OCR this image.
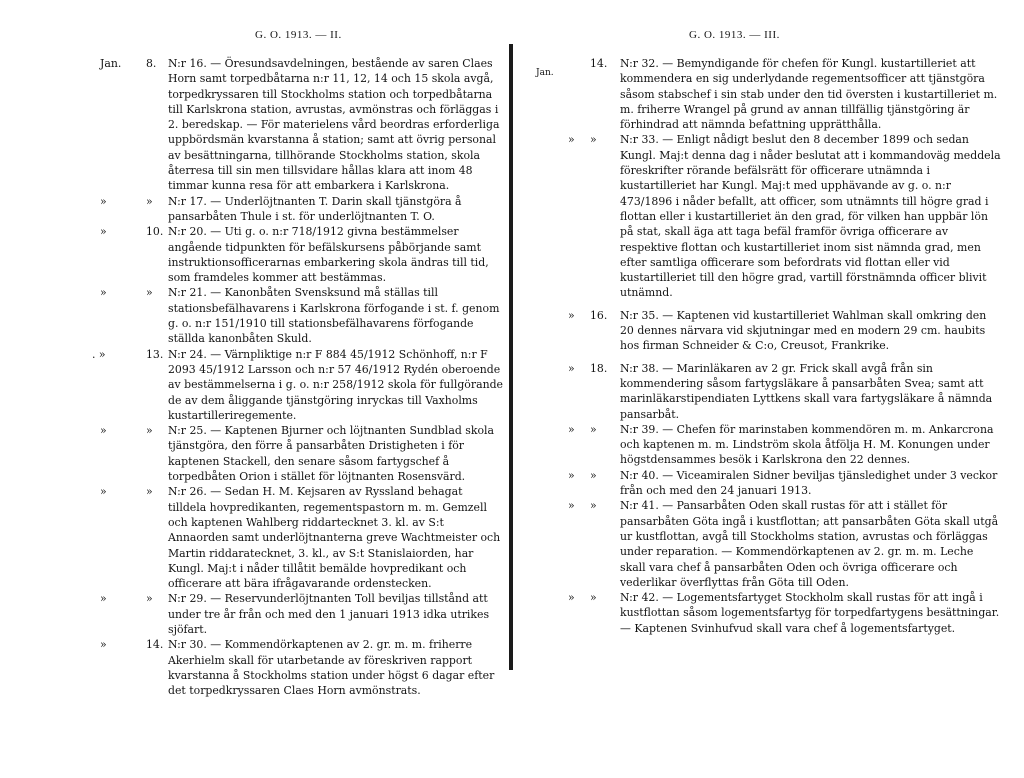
G. O. 1913. — II.
Jan. 8. N:r 16. — Öresundsavdelningen, bestående av saren Claes Horn samt torpedbåtarna n:r 11, 12, 14 och 15 skola avgå, torpedkryssaren till Stockholms station och torpedbåtarna till Karlskrona station, avrustas, avmönstras och förläggas i 2. beredskap. — För materielens vård beordras erforderliga uppbördsmän kvarstanna å station; samt att övrig personal av besättningarna, tillhörande Stockholms station, skola återresa till sin men tillsvidare hållas klara att inom 48 timmar kunna resa för att embarkera i Karlskrona.
»	» N:r 17. — Underlöjtnanten T. Darin skall tjänstgöra å pansarbåten Thule i st. för underlöjtnanten T. O.
»	10. N:r 20. — Uti g. o. n:r 718/1912 givna bestämmelser angående tidpunkten för befälskursens påbörjande samt instruktionsofficerarnas embarkering skola ändras till tid, som framdeles kommer att bestämmas.
»	» N:r 21. — Kanonbåten Svensksund må ställas till stationsbefälhavarens i Karlskrona förfogande i st. f. genom g. o. n:r 151/1910 till stationsbefälhavarens förfogande ställda kanonbåten Skuld.
. »	13. N:r 24. — Värnpliktige n:r F 884 45/1912 Schönhoff, n:r F 2093 45/1912 Larsson och n:r 57 46/1912 Rydén oberoende av bestämmelserna i g. o. n:r 258/1912 skola för fullgörande de av dem åliggande tjänstgöring inryckas till Vaxholms kustartilleriregemente.
»	» N:r 25. — Kaptenen Bjurner och löjtnanten Sundblad skola tjänstgöra, den förre å pansarbåten Dristigheten i för kaptenen Stackell, den senare såsom fartygschef å torpedbåten Orion i stället för löjtnanten Rosensvärd.
»	» N:r 26. — Sedan H. M. Kejsaren av Ryssland behagat tilldela hovpredikanten, regementspastorn m. m. Gemzell och kaptenen Wahlberg riddartecknet 3. kl. av S:t Annaorden samt underlöjtnanterna greve Wachtmeister och Martin riddaratecknet, 3. kl., av S:t Stanislaiorden, har Kungl. Maj:t i nåder tillåtit bemälde hovpredikant och officerare att bära ifrågavarande ordenstecken.
»	» N:r 29. — Reservunderlöjtnanten Toll beviljas tillstånd att under tre år från och med den 1 januari 1913 idka utrikes sjöfart.
»	14. N:r 30. — Kommendörkaptenen av 2. gr. m. m. friherre Akerhielm skall för utarbetande av föreskriven rapport kvarstanna å Stockholms station under högst 6 dagar efter det torpedkryssaren Claes Horn avmönstrats.
G. O. 1913. — III.
Jan.
14. N:r 32. — Bemyndigande för chefen för Kungl. kustartilleriet att kommendera en sig underlydande regementsofficer att tjänstgöra såsom stabschef i sin stab under den tid översten i kustartilleriet m. m. friherre Wrangel på grund av annan tillfällig tjänstgöring är förhindrad att nämnda befattning upprätthålla.
» » N:r 33. — Enligt nådigt beslut den 8 december 1899 och sedan Kungl. Maj:t denna dag i nåder beslutat att i kommandoväg meddela föreskrifter rörande befälsrätt för officerare utnämnda i kustartilleriet har Kungl. Maj:t med upphävande av g. o. n:r 473/1896 i nåder befallt, att officer, som utnämnts till högre grad i flottan eller i kustartilleriet än den grad, för vilken han uppbär lön på stat, skall äga att taga befäl framför övriga officerare av respektive flottan och kustartilleriet inom sist nämnda grad, men efter samtliga officerare som befordrats vid flottan eller vid kustartilleriet till den högre grad, vartill förstnämnda officer blivit utnämnd.
» 16. N:r 35. — Kaptenen vid kustartilleriet Wahlman skall omkring den 20 dennes närvara vid skjutningar med en modern 29 cm. haubits hos firman Schneider & C:o, Creusot, Frankrike.
» 18. N:r 38. — Marinläkaren av 2 gr. Frick skall avgå från sin kommendering såsom fartygsläkare å pansarbåten Svea; samt att marinläkarstipendiaten Lyttkens skall vara fartygsläkare å nämnda pansarbåt.
» » N:r 39. — Chefen för marinstaben kommendören m. m. Ankarcrona och kaptenen m. m. Lindström skola åtfölja H. M. Konungen under högstdensammes besök i Karlskrona den 22 dennes.
» » N:r 40. — Viceamiralen Sidner beviljas tjänsledighet under 3 veckor från och med den 24 januari 1913.
» » N:r 41. — Pansarbåten Oden skall rustas för att i stället för pansarbåten Göta ingå i kustflottan; att pansarbåten Göta skall utgå ur kustflottan, avgå till Stockholms station, avrustas och förläggas under reparation. — Kommendörkaptenen av 2. gr. m. m. Leche skall vara chef å pansarbåten Oden och övriga officerare och vederlikar överflyttas från Göta till Oden.
» » N:r 42. — Logementsfartyget Stockholm skall rustas för att ingå i kustflottan såsom logementsfartyg för torpedfartygens besättningar. — Kaptenen Svinhufvud skall vara chef å logementsfartyget.
